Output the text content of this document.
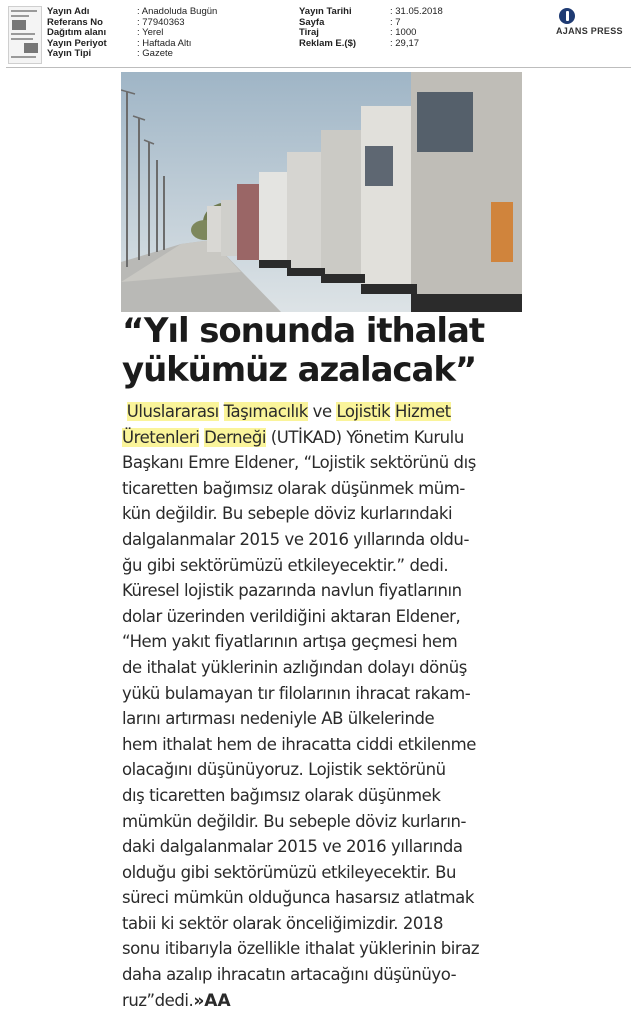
Yayın Adı	: Anadoluda Bugün
Referans No	: 77940363
Dağıtım alanı	: Yerel
Yayın Periyot	: Haftada Altı
Yayın Tipi	: Gazete
Yayın Tarihi	: 31.05.2018
Sayfa	: 7
Tiraj	: 1000
Reklam E.($)	: 29,17
AJANS PRESS
“Yıl sonunda ithalat
yükümüz azalacak”
Uluslararası Taşımacılık ve Lojistik Hizmet
Üretenleri Derneği (UTİKAD) Yönetim Kurulu
Başkanı Emre Eldener, “Lojistik sektörünü dış
ticaretten bağımsız olarak düşünmek müm-
kün değildir. Bu sebeple döviz kurlarındaki
dalgalanmalar 2015 ve 2016 yıllarında oldu-
ğu gibi sektörümüzü etkileyecektir.” dedi.
Küresel lojistik pazarında navlun fiyatlarının
dolar üzerinden verildiğini aktaran Eldener,
“Hem yakıt fiyatlarının artışa geçmesi hem
de ithalat yüklerinin azlığından dolayı dönüş
yükü bulamayan tır filolarının ihracat rakam-
larını artırması nedeniyle AB ülkelerinde
hem ithalat hem de ihracatta ciddi etkilenme
olacağını düşünüyoruz. Lojistik sektörünü
dış ticaretten bağımsız olarak düşünmek
mümkün değildir. Bu sebeple döviz kurların-
daki dalgalanmalar 2015 ve 2016 yıllarında
olduğu gibi sektörümüzü etkileyecektir. Bu
süreci mümkün olduğunca hasarsız atlatmak
tabii ki sektör olarak önceliğimizdir. 2018
sonu itibarıyla özellikle ithalat yüklerinin biraz
daha azalıp ihracatın artacağını düşünüyo-
ruz”dedi.»AA
